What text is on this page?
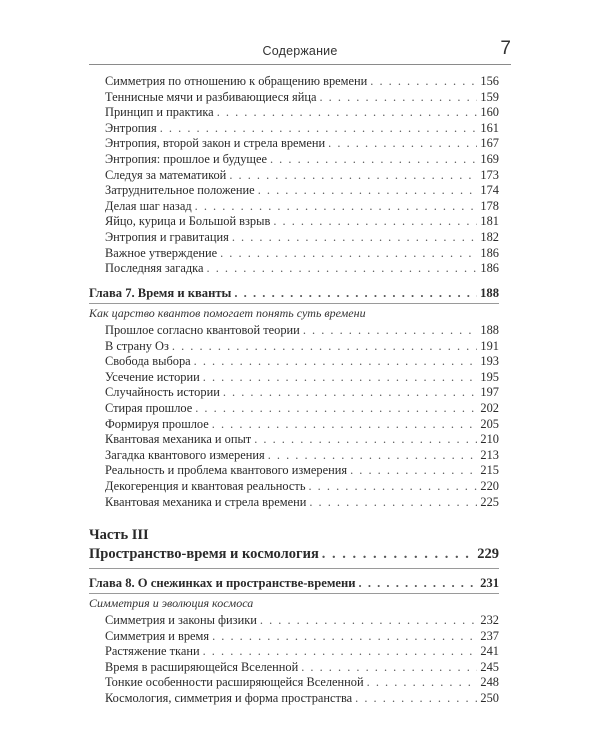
Содержание	7
Симметрия по отношению к обращению времени . . .	156
Теннисные мячи и разбивающиеся яйца . . .	159
Принцип и практика . . .	160
Энтропия . . .	161
Энтропия, второй закон и стрела времени . . .	167
Энтропия: прошлое и будущее . . .	169
Следуя за математикой . . .	173
Затруднительное положение . . .	174
Делая шаг назад . . .	178
Яйцо, курица и Большой взрыв . . .	181
Энтропия и гравитация . . .	182
Важное утверждение . . .	186
Последняя загадка . . .	186
Глава 7. Время и кванты . . .	188
Как царство квантов помогает понять суть времени
Прошлое согласно квантовой теории . . .	188
В страну Оз . . .	191
Свобода выбора . . .	193
Усечение истории . . .	195
Случайность истории . . .	197
Стирая прошлое . . .	202
Формируя прошлое . . .	205
Квантовая механика и опыт . . .	210
Загадка квантового измерения . . .	213
Реальность и проблема квантового измерения . . .	215
Декогеренция и квантовая реальность . . .	220
Квантовая механика и стрела времени . . .	225
Часть III
Пространство-время и космология . . .	229
Глава 8. О снежинках и пространстве-времени . . .	231
Симметрия и эволюция космоса
Симметрия и законы физики . . .	232
Симметрия и время . . .	237
Растяжение ткани . . .	241
Время в расширяющейся Вселенной . . .	245
Тонкие особенности расширяющейся Вселенной . . .	248
Космология, симметрия и форма пространства . . .	250
